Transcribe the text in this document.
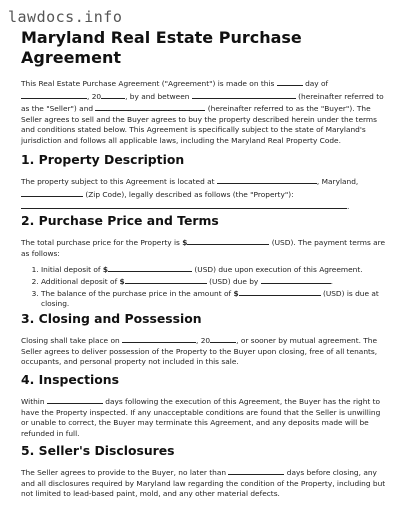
lawdocs.info
Maryland Real Estate Purchase Agreement

This Real Estate Purchase Agreement ("Agreement") is made on this	day of , 20	, by and between	(hereinafter referred to as the "Seller") and	(hereinafter referred to as the "Buyer"). The Seller agrees to sell and the Buyer agrees to buy the property described herein under the terms and conditions stated below. This Agreement is specifically subject to the state of Maryland's jurisdiction and follows all applicable laws, including the Maryland Real Property Code.

1. Property Description

The property subject to this Agreement is located at	, Maryland,  (Zip Code), legally described as follows (the "Property"): .

2. Purchase Price and Terms

The total purchase price for the Property is $	(USD). The payment terms are as follows:

1. Initial deposit of $	(USD) due upon execution of this Agreement.
2. Additional deposit of $	(USD) due by	.
3. The balance of the purchase price in the amount of $	(USD) is due at closing.
3. Closing and Possession

Closing shall take place on	, 20	, or sooner by mutual agreement. The Seller agrees to deliver possession of the Property to the Buyer upon closing, free of all tenants, occupants, and personal property not included in this sale.

4. Inspections

Within	days following the execution of this Agreement, the Buyer has the right to have the Property inspected. If any unacceptable conditions are found that the Seller is unwilling or unable to correct, the Buyer may terminate this Agreement, and any deposits made will be refunded in full.

5. Seller's Disclosures

The Seller agrees to provide to the Buyer, no later than	days before closing, any and all disclosures required by Maryland law regarding the condition of the Property, including but not limited to lead-based paint, mold, and any other material defects.
